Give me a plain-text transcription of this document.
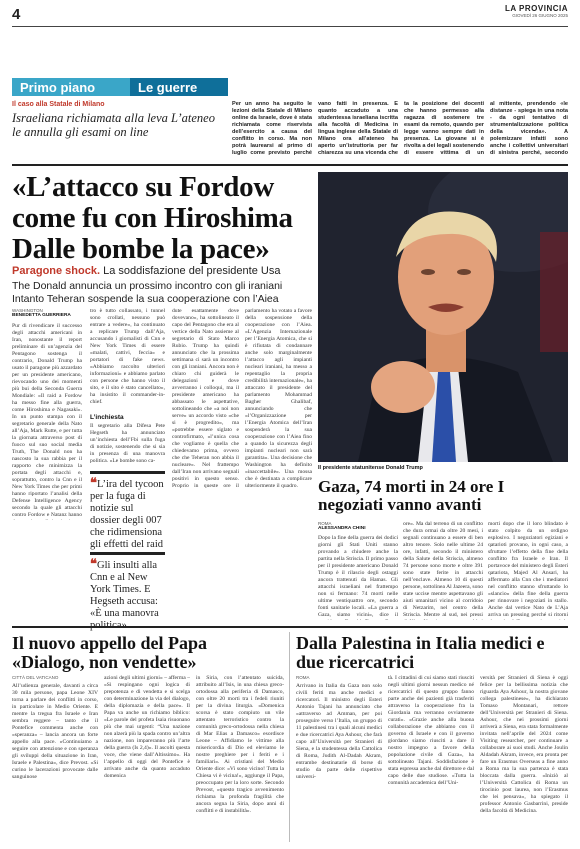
4	LA PROVINCIA
GIOVEDÌ 26 GIUGNO 2025
Primo piano	Le guerre
Il caso alla Statale di Milano
Israeliana richiamata alla leva L’ateneo le annulla gli esami on line
Per un anno ha seguito le lezioni della Statale di Milano online da Israele, dove è stata richiamata come riservista dell’esercito a causa del conflitto in corso. Ma non potrà laurearsi al primo di luglio come previsto perché
vano fatti in presenza. E quanto accaduto a una studentessa israeliana iscritta alla facoltà di Medicina in lingua inglese della Statale di Milano ora all’ateneo ha aperto un’istruttoria per far chiarezza su una vicenda che
ta la posizione dei docenti che hanno permesso alla ragazza di sostenere tre esami da remoto, quando per legge vanno sempre dati in presenza. La giovane si è rivolta a dei legali sostenendo di essere vittima di un
al mittente, prendendo «le distanze - spiega in una nota - da ogni tentativo di strumentalizzazione politica della vicenda». A polemizzare infatti sono anche i collettivi universitari di sinistra perché, secondo
«L’attacco su Fordow come fu con Hiroshima Dalle bombe la pace»
Paragone shock. La soddisfazione del presidente Usa
The Donald annuncia un prossimo incontro con gli iraniani Intanto Teheran sospende la sua cooperazione con l’Aiea
Il presidente statunitense Donald Trump
WASHINGTON
BENEDETTA GUERRIERA
Pur di rivendicare il successo degli attacchi americani in Iran, nonostante il report preliminare di un’agenzia del Pentagono sostenga il contrario, Donald Trump ha usato il paragone più azzardato per un presidente americano, rievocando uno dei momenti più bui della Seconda Guerra Mondiale: «Il raid a Fordow ha messo fine alla guerra, come Hiroshima e Nagasaki». In un punto stampa con il segretario generale della Nato all’Aja, Mark Rutte, e per tutta la giornata attraverso post di fuoco sul suo social media Truth, The Donald non ha nascosto la sua rabbia per il rapporto che minimizza la portata degli attacchi e, soprattutto, contro la Cnn e il New York Times che per primi hanno riportato l’analisi della Defense Intelligence Agency secondo la quale gli attacchi contro Fordow e Natanz hanno
tro è tutto collassato, i tunnel sono crollati, nessuno può entrare a vedere», ha continuato a replicare Trump dall’Aja, accusando i giornalisti di Cnn e New York Times di essere «malati, cattivi, feccia» e portatori di fake news. «Abbiamo raccolto ulteriori informazioni» e abbiamo parlato con persone che hanno visto il sito, e il sito è stato cancellato», ha insistito il commander-in-chief.
L’inchiesta
Il segretario alla Difesa Pete Hegseth ha annunciato un’inchiesta dell’Fbi sulla fuga di notizie, sostenendo che si sia in presenza di una manovra politica. «Le bombe sono ca-
❝L’ira del tycoon per la fuga di notizie sul dossier degli 007 che ridimensiona gli effetti del raid
❝Gli insulti alla Cnn e al New York Times. E Hegseth accusa: «È una manovra
dute esattamente dove dovevano», ha sottolineato il capo del Pentagono che era al vertice della Nato assieme al segretario di Stato Marco Rubio. Trump ha quindi annunciato che la prossima settimana ci sarà un incontro con gli iraniani. Ancora non è chiaro chi guiderà le delegazioni e dove avverranno i colloqui, ma il presidente americano ha abbassato le aspettative, sottolineando che «a noi non serve» un accordo visto «che si è progredito», ma «potrebbe essere siglato e controfirmato, «l’unica cosa che vogliamo è quella che chiedevamo prima, ovvero che che Teheran non abbia il nucleare». Nel frattempo dall’Iran non arrivano segnali positivi in questo senso. Proprio in queste ore il parlamento ha votato a favore della sospensione della cooperazione con l’Aiea. «L’Agenzia Internazionale per l’Energia Atomica, che si è rifiutata di condannare anche solo marginalmente l’attacco agli impianti nucleari iraniani, ha messo a repentaglio la propria credibilità internazionale», ha attaccato il presidente del parlamento Mohammad Bagher Ghalibaf, annunciando che «l’Organizzazione per l’Energia Atomica dell’Iran sospenderà la sua cooperazione con l’Aiea fino a quando la sicurezza degli impianti nucleari non sarà garantita». Una decisione che Washington ha definito «inaccettabile». Una mossa che è destinata a complicare ulteriormente il quadro.	Gaza, 74 morti in 24 ore I negoziati vanno avanti
ROMA
ALESSANDRA CHINI
Dopo la fine della guerra dei dodici giorni gli Stati Uniti stanno provando a chiudere anche la partita nella Striscia. Il primo passo per il presidente americano Donald Trump è il rilascio degli ostaggi ancora trattenuti da Hamas. Gli attacchi israeliani nel frattempo non si fermano: 74 morti nelle ultime ventiquattro ore, secondo fonti sanitarie locali. «La guerra a Gaza, siamo vicini», dice il
ore». Ma dal terreno di un conflitto che dura ormai da oltre 20 mesi, i segnali continuano a essere di ben altro tenore. Solo nelle ultime 24 ore, infatti, secondo il ministero della Salute della Striscia, almeno 74 persone sono morte e oltre 391 sono state ferite in attacchi nell’enclave. Almeno 10 di questi persone, sottolinea Al Jazeera, sono state uccise mentre aspettavano gli aiuti umanitari vicino al corridoio di Netzarim, nel centro della Striscia. Mentre al sud, nei pressi
morti dopo che il loro blindato è stato colpito da un ordigno esplosivo. I negoziatori egiziani e qatarioti provano, in ogni caso, a sfruttare l’effetto della fine della conflitto fra Israele e Iran. Il portavoce del ministero degli Esteri qatariota, Majed Al Ansari, ha affermato alla Cnn che i mediatori nel conflitto stanno sfruttando lo «slancio» della fine della guerra per rinnovare i negoziati in stallo. Anche dal vertice Nato de L’Aja arriva un pressing perché si ritorni
Il nuovo appello del Papa «Dialogo, non vendette»
CITTÀ DEL VATICANO
All’udienza generale, davanti a circa 30 mila persone, papa Leone XIV torna a parlare dei conflitti in corso, in particolare in Medio Oriente. E mentre la tregua fra Israele e Iran sembra reggere – tanto che il Pontefice commenta anche con «speranza» – lancia ancora un forte appello alla pace. «Continuiamo a seguire con attenzione e con speranza gli sviluppi della situazione in Iran, Israele e Palestina», dice Prevost. «Si curino le lacerazioni provocate dalle sanguinose
azioni degli ultimi giorni» – afferma – «Si respingano ogni logica di prepotenza e di vendetta e si scelga con determinazione la via del dialogo, della diplomazia e della pace». Il Papa va anche un richiamo biblico: «Le parole del profeta Isaia risuonano più che mai urgenti: “Una nazione non alzerà più la spada contro un’altra nazione, non impareranno più l’arte della guerra (Is 2,4)». Il ascolti questa voce, che viene dall’Altissimo». Ha l’appello di oggi del Pontefice è arrivato anche da quanto accaduto domenica
in Siria, con l’attentato suicida, attribuito all’Isis, in una chiesa greco-ortodossa alla periferia di Damasco, con oltre 20 morti tra i fedeli riuniti per la divina liturgia. «Domenica scorsa è stato compiuto un vile attentato terroristico contro la comunità greco-ortodossa nella chiesa di Mar Elias a Damasco» esordisce Leone – Affidiamo le vittime alla misericordia di Dio ed eleviamo le nostre preghiere per i feriti e i familiari». Ai cristiani del Medio Oriente dice: «Vi sono vicino! Tutta la Chiesa vi è vicina!», aggiunge il Papa, preoccupato per la loro sorte. Secondo Prevost, «questo tragico avvenimento richiama la profonda fragilità che ancora segna la Siria, dopo anni di conflitti e di instabilità».
Dalla Palestina in Italia medici e due ricercatrici
ROMA
Arrivano in Italia da Gaza non solo civili feriti ma anche medici e ricercatori. Il ministro degli Esteri Antonio Tajani ha annunciato che «attraverso ad Amman, per poi proseguire verso l’Italia, un gruppo di 11 palestinesi tra i quali alcuni medici e due ricercatrici Aya Ashour, che farà capo all’Università per Stranieri di Siena, e la studentessa della Cattolica di Roma, Judith Al-Dadah Akram, entrambe destinatarie di borse di studio da parte delle rispettive universi-
tà. I cittadini di cui siamo stati riusciti negli ultimi giorni nessun medico né ricercatrici di questo gruppo fanno parte anche dei pazienti già trasferiti attraverso la cooperazione fra la Giordania ma verranno ovviamente curati». «Grazie anche alla buona collaborazione che abbiamo con il governo di Israele e con il governo giordano siamo riusciti a dare il nostro impegno a favore della popolazione civile di Gaza», ha sottolineato Tajani. Soddisfazione è stata espressa anche dal direttore e dal capo delle due studiose. «Tutta la comunità accademica dell’Uni-
versità per Stranieri di Siena è oggi felice per la bellissima notizia che riguarda Aya Ashour, la nostra giovane collega palestinese», ha dichiarato Tomaso Montanari, rettore dell’Università per Stranieri di Siena. Ashour, che nei prossimi giorni arriverà a Siena, era stata formalmente invitata nell’aprile del 2024 come Visiting researcher, per continuare a collaborare ai suoi studi. Anche Joulin Aldadah Akram, invece, era pronta per fare un Erasmus Overseas a fine anno a Roma ma la sua partenza è stata bloccata dalla guerra. «Iniziò al l’Università Cattolica di Roma un tirocinio post laurea, non l’Erasmus che lei pensava», ha spiegato il professor Antonio Gasbarrini, preside della facoltà di Medicina.
